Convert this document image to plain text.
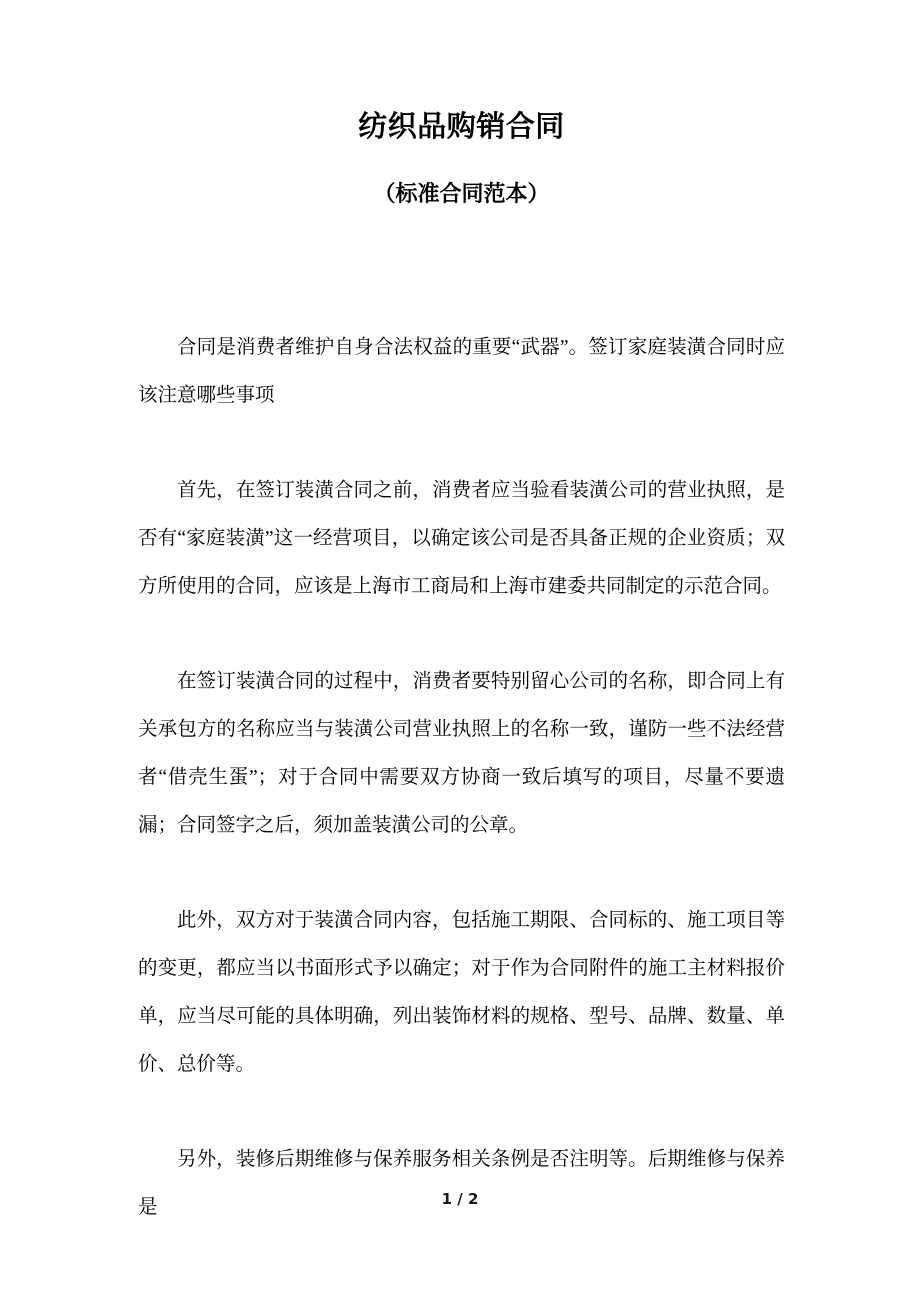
纺织品购销合同
（标准合同范本）

合同是消费者维护自身合法权益的重要“武器”。签订家庭装潢合同时应该注意哪些事项

首先，在签订装潢合同之前，消费者应当验看装潢公司的营业执照，是否有“家庭装潢”这一经营项目，以确定该公司是否具备正规的企业资质；双方所使用的合同，应该是上海市工商局和上海市建委共同制定的示范合同。

在签订装潢合同的过程中，消费者要特别留心公司的名称，即合同上有关承包方的名称应当与装潢公司营业执照上的名称一致，谨防一些不法经营者“借壳生蛋”；对于合同中需要双方协商一致后填写的项目，尽量不要遗漏；合同签字之后，须加盖装潢公司的公章。

此外，双方对于装潢合同内容，包括施工期限、合同标的、施工项目等的变更，都应当以书面形式予以确定；对于作为合同附件的施工主材料报价单，应当尽可能的具体明确，列出装饰材料的规格、型号、品牌、数量、单价、总价等。

另外，装修后期维修与保养服务相关条例是否注明等。后期维修与保养是	1 / 2
